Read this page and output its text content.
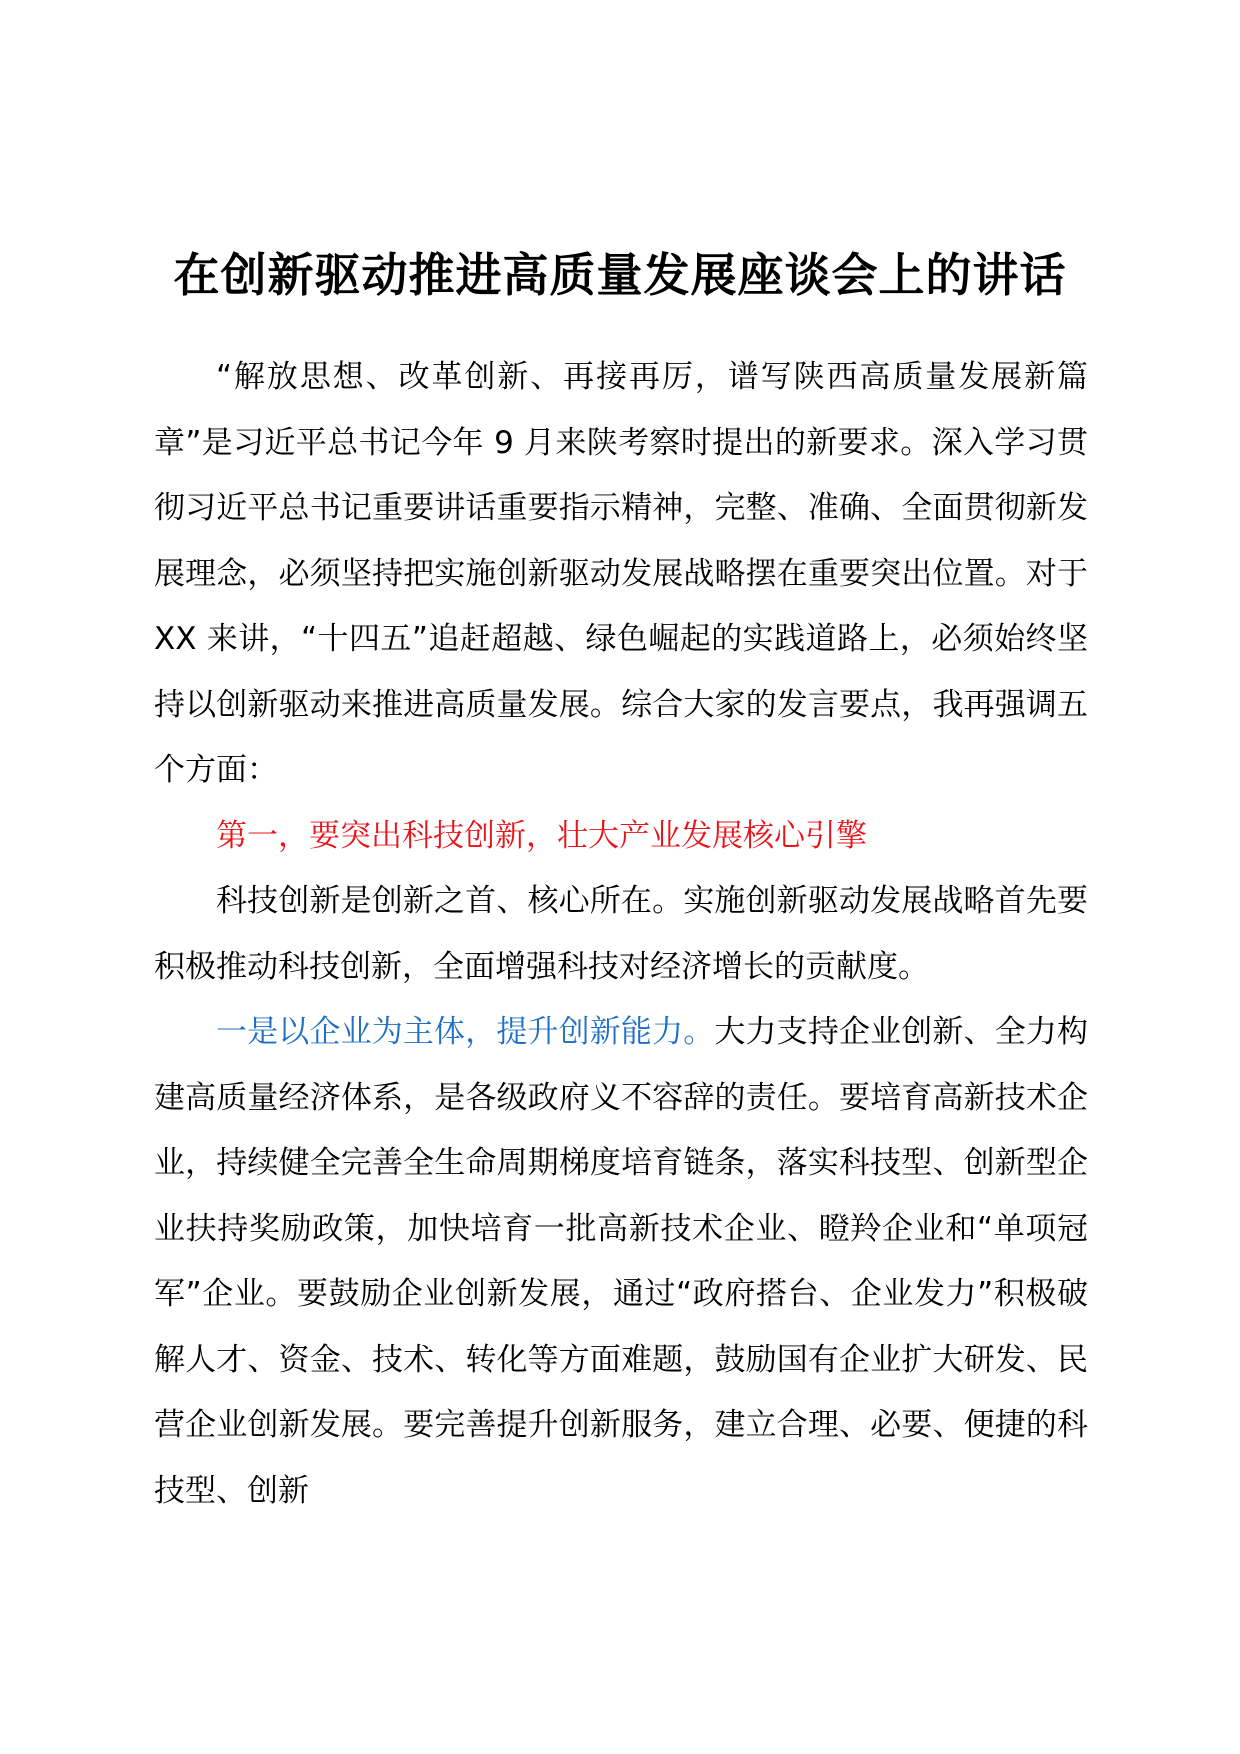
在创新驱动推进高质量发展座谈会上的讲话

“解放思想、改革创新、再接再厉，谱写陕西高质量发展新篇章”是习近平总书记今年 9 月来陕考察时提出的新要求。深入学习贯彻习近平总书记重要讲话重要指示精神，完整、准确、全面贯彻新发展理念，必须坚持把实施创新驱动发展战略摆在重要突出位置。对于 XX 来讲，“十四五”追赶超越、绿色崛起的实践道路上，必须始终坚持以创新驱动来推进高质量发展。综合大家的发言要点，我再强调五个方面：

第一，要突出科技创新，壮大产业发展核心引擎

科技创新是创新之首、核心所在。实施创新驱动发展战略首先要积极推动科技创新，全面增强科技对经济增长的贡献度。

一是以企业为主体，提升创新能力。大力支持企业创新、全力构建高质量经济体系，是各级政府义不容辞的责任。要培育高新技术企业，持续健全完善全生命周期梯度培育链条，落实科技型、创新型企业扶持奖励政策，加快培育一批高新技术企业、瞪羚企业和“单项冠军”企业。要鼓励企业创新发展，通过“政府搭台、企业发力”积极破解人才、资金、技术、转化等方面难题，鼓励国有企业扩大研发、民营企业创新发展。要完善提升创新服务，建立合理、必要、便捷的科技型、创新
